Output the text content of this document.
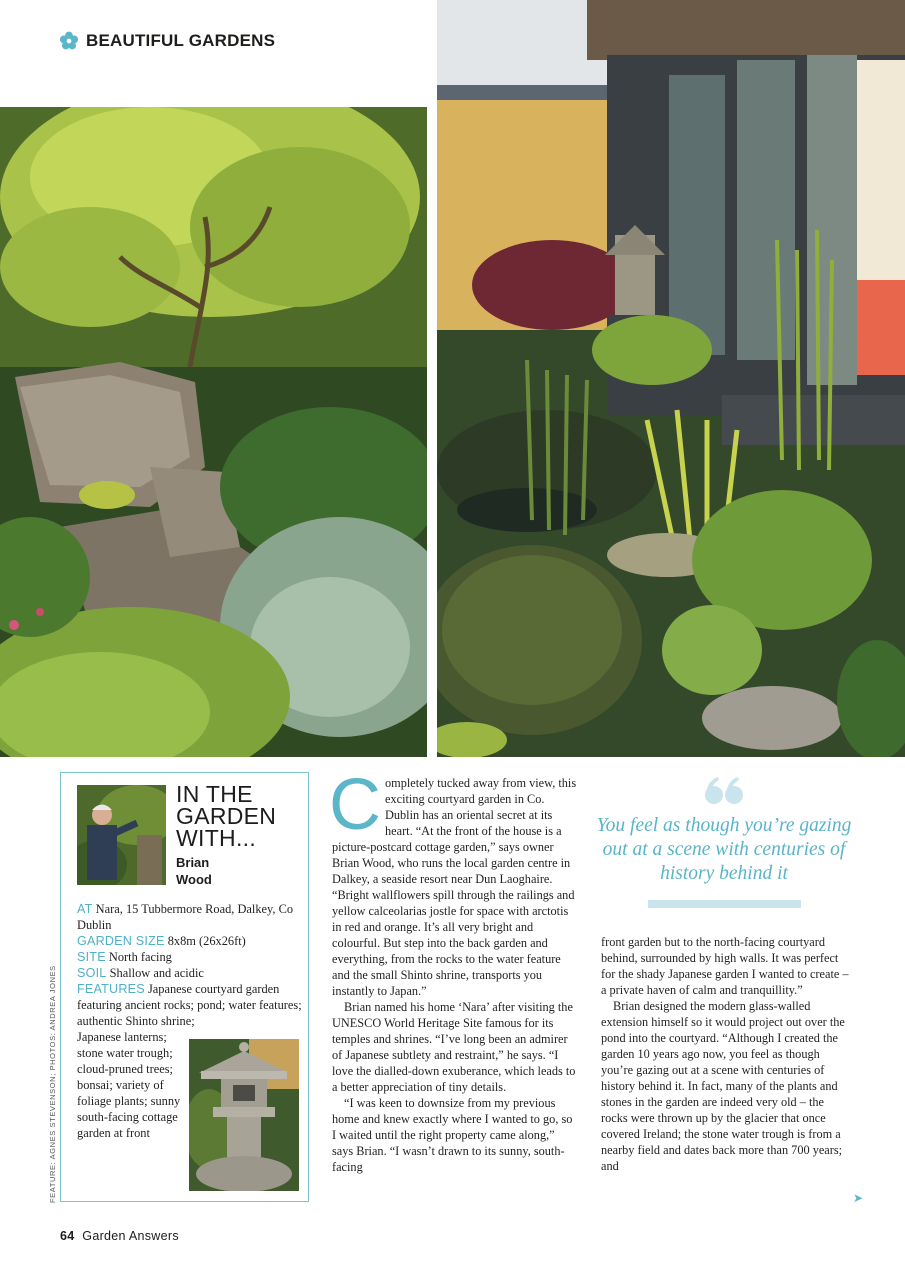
BEAUTIFUL GARDENS
FEATURE: AGNES STEVENSON; PHOTOS: ANDREA JONES
IN THE
GARDEN
WITH...
Brian
Wood

AT Nara, 15 Tubbermore Road, Dalkey, Co Dublin

GARDEN SIZE 8x8m (26x26ft)

SITE North facing

SOIL Shallow and acidic

FEATURES Japanese courtyard garden featuring ancient rocks; pond; water features; authentic Shinto shrine;

Japanese lanterns; stone water trough; cloud-pruned trees; bonsai; variety of foliage plants; sunny south-facing cottage garden at front

Completely tucked away from view, this exciting courtyard garden in Co. Dublin has an oriental secret at its heart. “At the front of the house is a picture-postcard cottage garden,” says owner Brian Wood, who runs the local garden centre in Dalkey, a seaside resort near Dun Laoghaire. “Bright wallflowers spill through the railings and yellow calceolarias jostle for space with arctotis in red and orange. It’s all very bright and colourful. But step into the back garden and everything, from the rocks to the water feature and the small Shinto shrine, transports you instantly to Japan.”

Brian named his home ‘Nara’ after visiting the UNESCO World Heritage Site famous for its temples and shrines. “I’ve long been an admirer of Japanese subtlety and restraint,” he says. “I love the dialled-down exuberance, which leads to a better appreciation of tiny details.

“I was keen to downsize from my previous home and knew exactly where I wanted to go, so I waited until the right property came along,” says Brian. “I wasn’t drawn to its sunny, south-facing

You feel as though you’re gazing out at a scene with centuries of history behind it

front garden but to the north-facing courtyard behind, surrounded by high walls. It was perfect for the shady Japanese garden I wanted to create – a private haven of calm and tranquillity.”

Brian designed the modern glass-walled extension himself so it would project out over the pond into the courtyard. “Although I created the garden 10 years ago now, you feel as though you’re gazing out at a scene with centuries of history behind it. In fact, many of the plants and stones in the garden are indeed very old – the rocks were thrown up by the glacier that once covered Ireland; the stone water trough is from a nearby field and dates back more than 700 years; and

➤
64 Garden Answers
